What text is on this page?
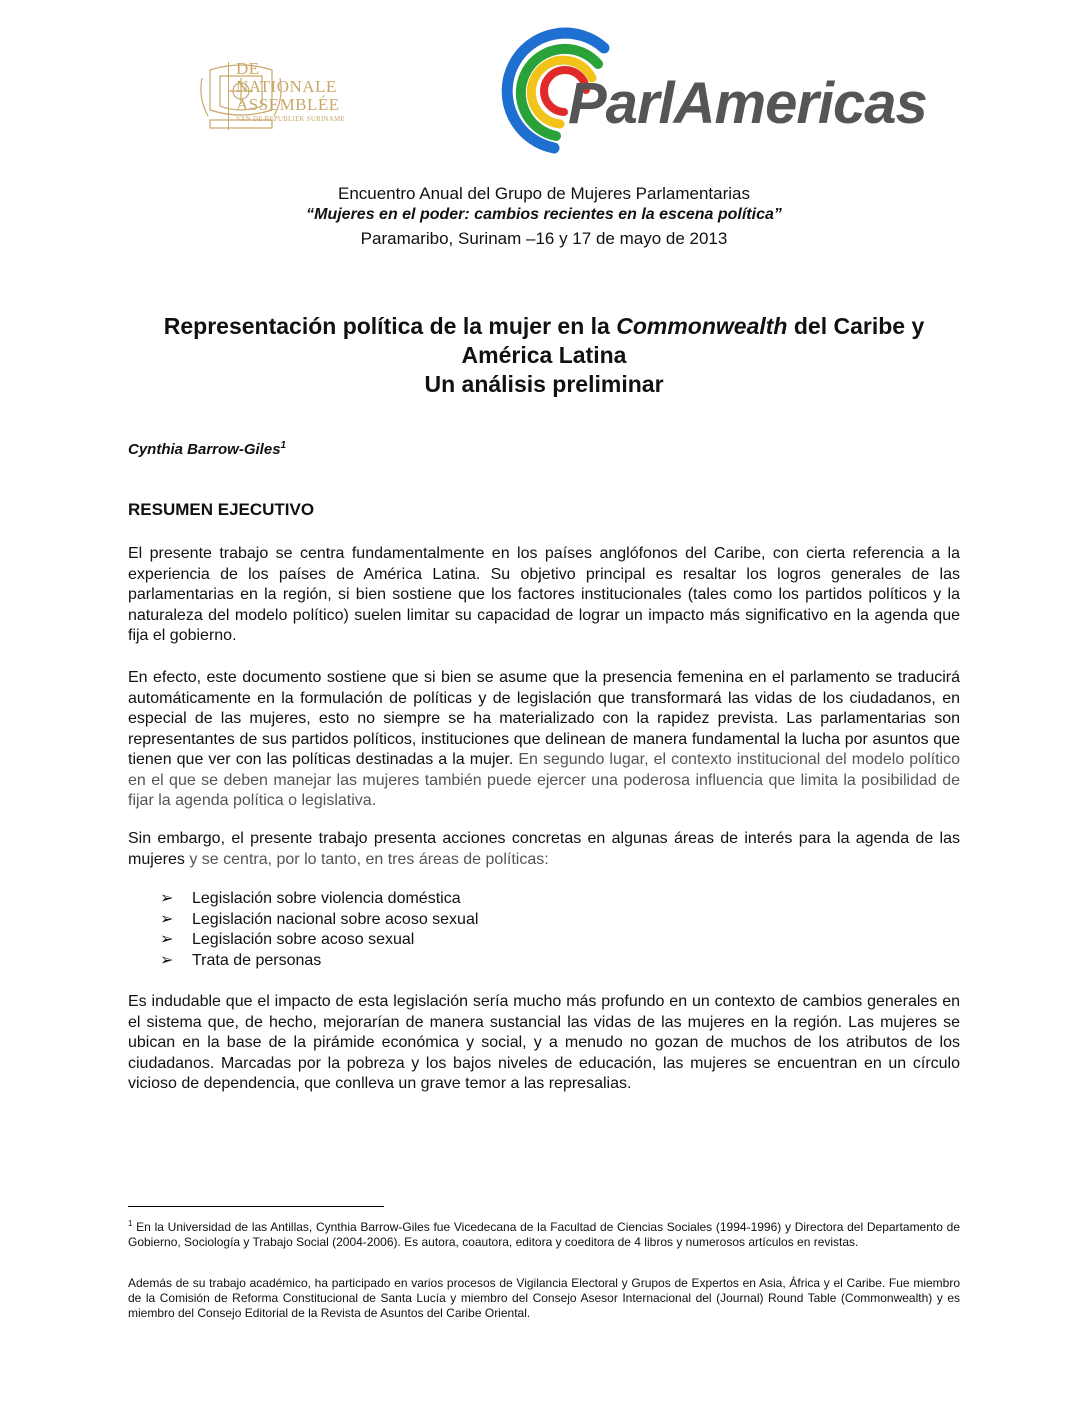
DE
NATIONALE
ASSEMBLÉE
VAN DE REPUBLIEK SURINAME	ParlAmericas
Encuentro Anual del Grupo de Mujeres Parlamentarias
“Mujeres en el poder: cambios recientes en la escena política”
Paramaribo, Surinam –16 y 17 de mayo de 2013
Representación política de la mujer en la Commonwealth del Caribe y
América Latina
Un análisis preliminar
Cynthia Barrow-Giles$^1$
RESUMEN EJECUTIVO
El presente trabajo se centra fundamentalmente en los países anglófonos del Caribe, con cierta referencia a la experiencia de los países de América Latina. Su objetivo principal es resaltar los logros generales de las parlamentarias en la región, si bien sostiene que los factores institucionales (tales como los partidos políticos y la naturaleza del modelo político) suelen limitar su capacidad de lograr un impacto más significativo en la agenda que fija el gobierno.
En efecto, este documento sostiene que si bien se asume que la presencia femenina en el parlamento se traducirá automáticamente en la formulación de políticas y de legislación que transformará las vidas de los ciudadanos, en especial de las mujeres, esto no siempre se ha materializado con la rapidez prevista. Las parlamentarias son representantes de sus partidos políticos, instituciones que delinean de manera fundamental la lucha por asuntos que tienen que ver con las políticas destinadas a la mujer. En segundo lugar, el contexto institucional del modelo político en el que se deben manejar las mujeres también puede ejercer una poderosa influencia que limita la posibilidad de fijar la agenda política o legislativa.
Sin embargo, el presente trabajo presenta acciones concretas en algunas áreas de interés para la agenda de las mujeres y se centra, por lo tanto, en tres áreas de políticas:
➢ Legislación sobre violencia doméstica
➢ Legislación nacional sobre acoso sexual
➢ Legislación sobre acoso sexual
➢ Trata de personas
Es indudable que el impacto de esta legislación sería mucho más profundo en un contexto de cambios generales en el sistema que, de hecho, mejorarían de manera sustancial las vidas de las mujeres en la región. Las mujeres se ubican en la base de la pirámide económica y social, y a menudo no gozan de muchos de los atributos de los ciudadanos. Marcadas por la pobreza y los bajos niveles de educación, las mujeres se encuentran en un círculo vicioso de dependencia, que conlleva un grave temor a las represalias.
$^1$ En la Universidad de las Antillas, Cynthia Barrow-Giles fue Vicedecana de la Facultad de Ciencias Sociales (1994-1996) y Directora del Departamento de Gobierno, Sociología y Trabajo Social (2004-2006). Es autora, coautora, editora y coeditora de 4 libros y numerosos artículos en revistas.
Además de su trabajo académico, ha participado en varios procesos de Vigilancia Electoral y Grupos de Expertos en Asia, África y el Caribe. Fue miembro de la Comisión de Reforma Constitucional de Santa Lucía y miembro del Consejo Asesor Internacional del (Journal) Round Table (Commonwealth) y es miembro del Consejo Editorial de la Revista de Asuntos del Caribe Oriental.
